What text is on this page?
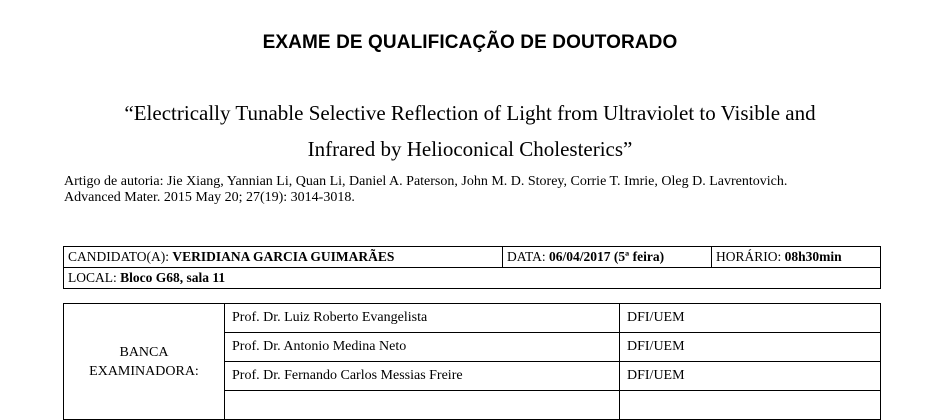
EXAME DE QUALIFICAÇÃO DE DOUTORADO
“Electrically Tunable Selective Reflection of Light from Ultraviolet to Visible and
Infrared by Helioconical Cholesterics”
Artigo de autoria: Jie Xiang, Yannian Li, Quan Li, Daniel A. Paterson, John M. D. Storey, Corrie T. Imrie, Oleg D. Lavrentovich.
Advanced Mater. 2015 May 20; 27(19): 3014-3018.
CANDIDATO(A): VERIDIANA GARCIA GUIMARÃES	DATA: 06/04/2017 (5ª feira)	HORÁRIO: 08h30min
LOCAL: Bloco G68, sala 11
BANCA EXAMINADORA:	Prof. Dr. Luiz Roberto Evangelista	DFI/UEM
	Prof. Dr. Antonio Medina Neto	DFI/UEM
	Prof. Dr. Fernando Carlos Messias Freire	DFI/UEM
